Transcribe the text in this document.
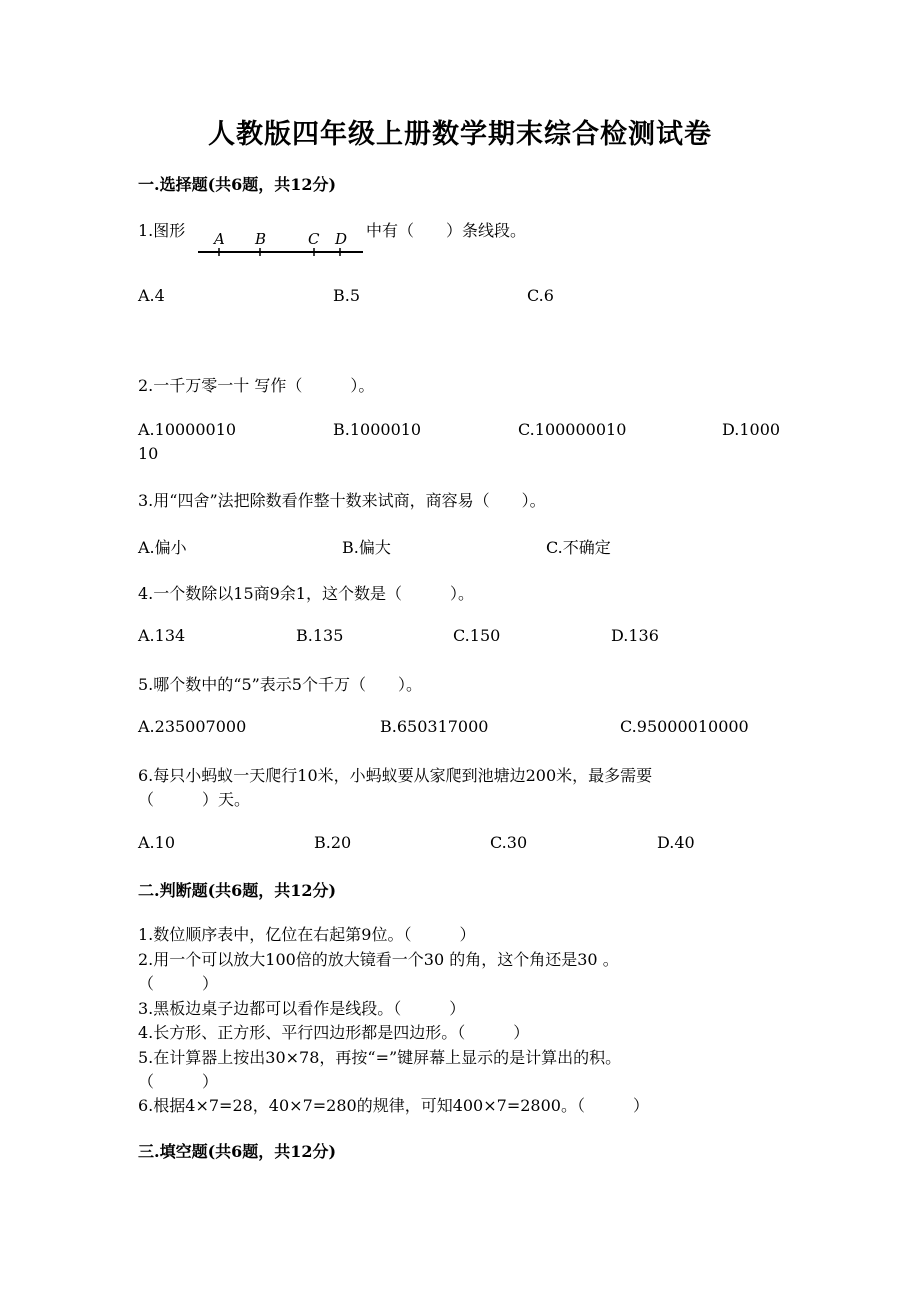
人教版四年级上册数学期末综合检测试卷
一.选择题(共6题，共12分)
1.图形 A B	C D 中有（　　）条线段。
A.4	B.5	C.6
2.一千万零一十 写作（　　　）。
A.10000010	B.1000010	C.100000010	D.1000
10
3.用“四舍”法把除数看作整十数来试商，商容易（　　）。
A.偏小	B.偏大	C.不确定
4.一个数除以15商9余1，这个数是（　　　）。
A.134	B.135	C.150	D.136
5.哪个数中的“5”表示5个千万（　　）。
A.235007000	B.650317000	C.95000010000
6.每只小蚂蚁一天爬行10米，小蚂蚁要从家爬到池塘边200米，最多需要
（　　　）天。
A.10	B.20	C.30	D.40
二.判断题(共6题，共12分)
1.数位顺序表中，亿位在右起第9位。（　　　）
2.用一个可以放大100倍的放大镜看一个30 的角，这个角还是30 。
（　　　）
3.黑板边桌子边都可以看作是线段。（　　　）
4.长方形、正方形、平行四边形都是四边形。（　　　）
5.在计算器上按出30×78，再按“=”键屏幕上显示的是计算出的积。
（　　　）
6.根据4×7=28，40×7=280的规律，可知400×7=2800。（　　　）
三.填空题(共6题，共12分)
